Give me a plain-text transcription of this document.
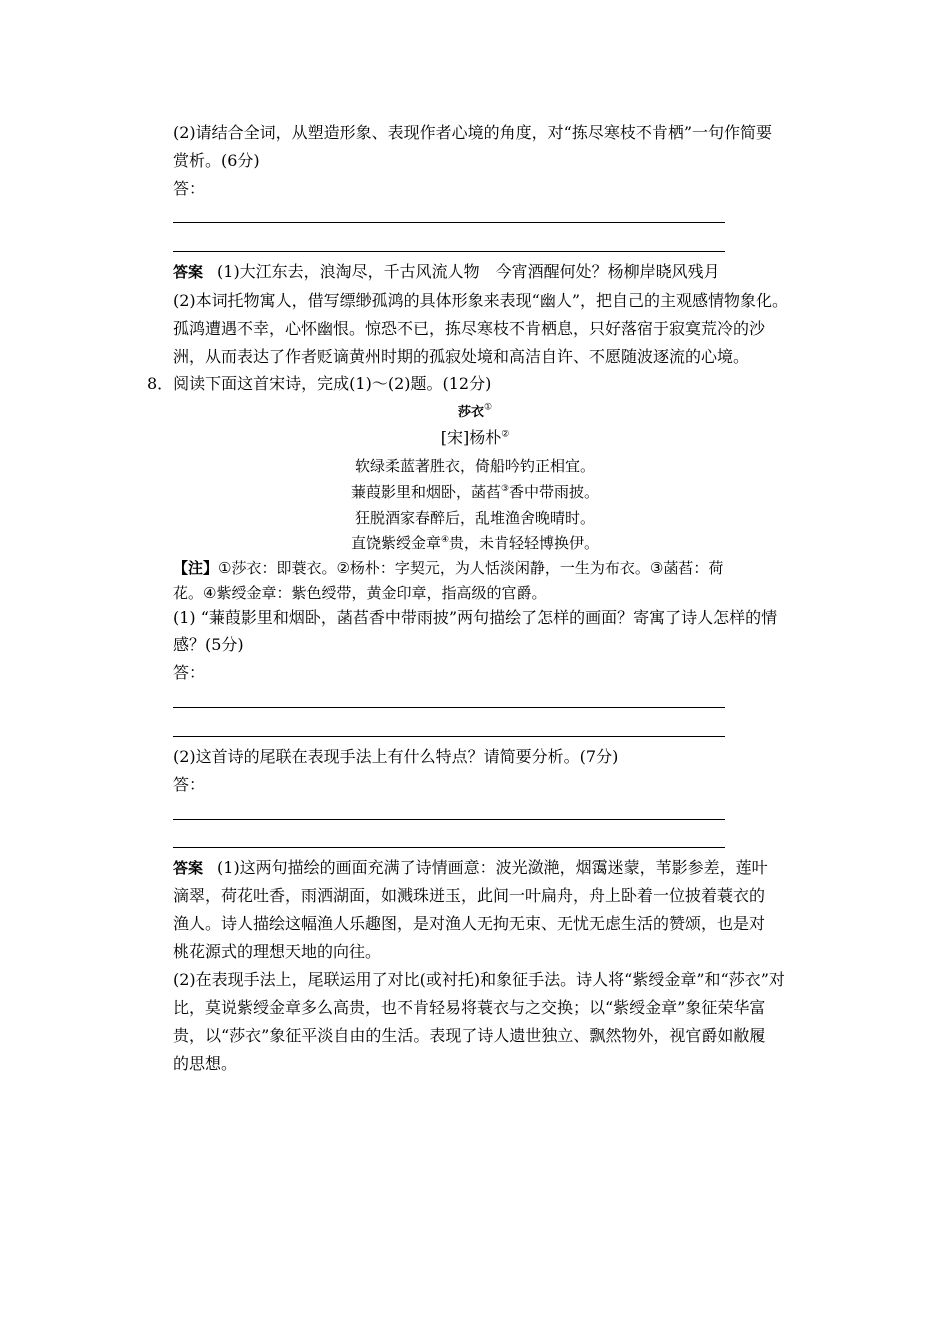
(2)请结合全词，从塑造形象、表现作者心境的角度，对“拣尽寒枝不肯栖”一句作简要
赏析。(6分)
答：
答案 (1)大江东去，浪淘尽，千古风流人物　今宵酒醒何处？杨柳岸晓风残月
(2)本词托物寓人，借写缥缈孤鸿的具体形象来表现“幽人”，把自己的主观感情物象化。
孤鸿遭遇不幸，心怀幽恨。惊恐不已，拣尽寒枝不肯栖息，只好落宿于寂寞荒冷的沙
洲，从而表达了作者贬谪黄州时期的孤寂处境和高洁自许、不愿随波逐流的心境。
8．阅读下面这首宋诗，完成(1)～(2)题。(12分)
莎衣①
[宋]杨朴②
软绿柔蓝著胜衣，倚船吟钓正相宜。
蒹葭影里和烟卧，菡萏③香中带雨披。
狂脱酒家春醉后，乱堆渔舍晚晴时。
直饶紫绶金章④贵，未肯轻轻博换伊。
【注】①莎衣：即蓑衣。②杨朴：字契元，为人恬淡闲静，一生为布衣。③菡萏：荷
花。④紫绶金章：紫色绶带，黄金印章，指高级的官爵。
(1) “蒹葭影里和烟卧，菡萏香中带雨披”两句描绘了怎样的画面？寄寓了诗人怎样的情
感？(5分)
答：
(2)这首诗的尾联在表现手法上有什么特点？请简要分析。(7分)
答：
答案 (1)这两句描绘的画面充满了诗情画意：波光潋滟，烟霭迷蒙，苇影参差，莲叶
滴翠，荷花吐香，雨洒湖面，如溅珠迸玉，此间一叶扁舟，舟上卧着一位披着蓑衣的
渔人。诗人描绘这幅渔人乐趣图，是对渔人无拘无束、无忧无虑生活的赞颂，也是对
桃花源式的理想天地的向往。
(2)在表现手法上，尾联运用了对比(或衬托)和象征手法。诗人将“紫绶金章”和“莎衣”对
比，莫说紫绶金章多么高贵，也不肯轻易将蓑衣与之交换；以“紫绶金章”象征荣华富
贵，以“莎衣”象征平淡自由的生活。表现了诗人遗世独立、飘然物外，视官爵如敝履
的思想。
